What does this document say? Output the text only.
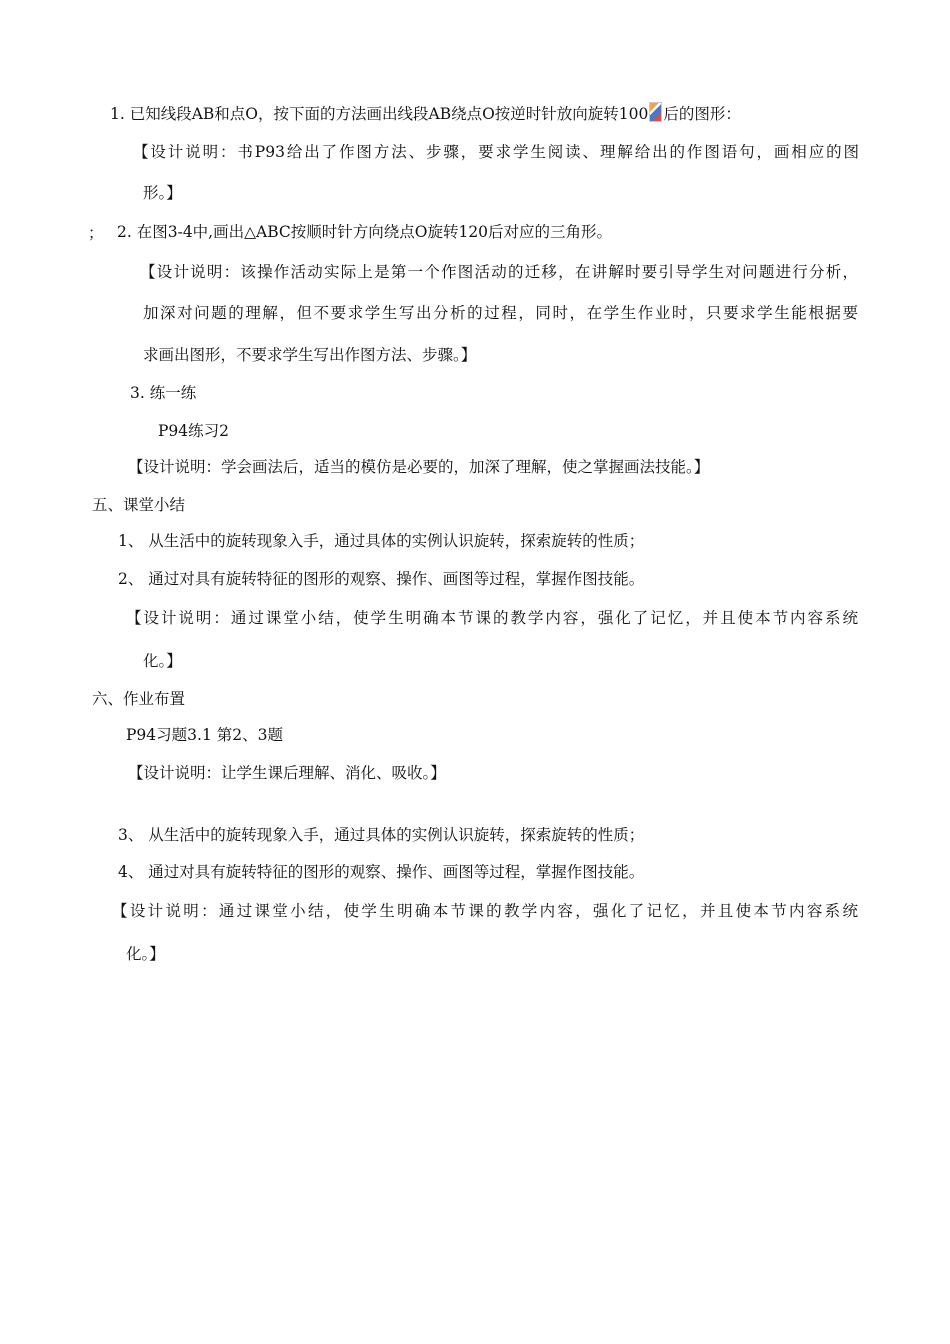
1. 已知线段AB和点O，按下面的方法画出线段AB绕点O按逆时针放向旋转100 后的图形：
【设计说明：书P93给出了作图方法、步骤，要求学生阅读、理解给出的作图语句，画相应的图
形。】
； 2. 在图3-4中,画出△ABC按顺时针方向绕点O旋转120后对应的三角形。
【设计说明：该操作活动实际上是第一个作图活动的迁移，在讲解时要引导学生对问题进行分析，
加深对问题的理解，但不要求学生写出分析的过程，同时，在学生作业时，只要求学生能根据要
求画出图形，不要求学生写出作图方法、步骤。】
3. 练一练
P94练习2
【设计说明：学会画法后，适当的模仿是必要的，加深了理解，使之掌握画法技能。】
五、课堂小结
1、 从生活中的旋转现象入手，通过具体的实例认识旋转，探索旋转的性质；
2、 通过对具有旋转特征的图形的观察、操作、画图等过程，掌握作图技能。
【设计说明：通过课堂小结，使学生明确本节课的教学内容，强化了记忆，并且使本节内容系统
化。】
六、作业布置
P94习题3.1 第2、3题
【设计说明：让学生课后理解、消化、吸收。】
3、 从生活中的旋转现象入手，通过具体的实例认识旋转，探索旋转的性质；
4、 通过对具有旋转特征的图形的观察、操作、画图等过程，掌握作图技能。
【设计说明：通过课堂小结，使学生明确本节课的教学内容，强化了记忆，并且使本节内容系统
化。】
